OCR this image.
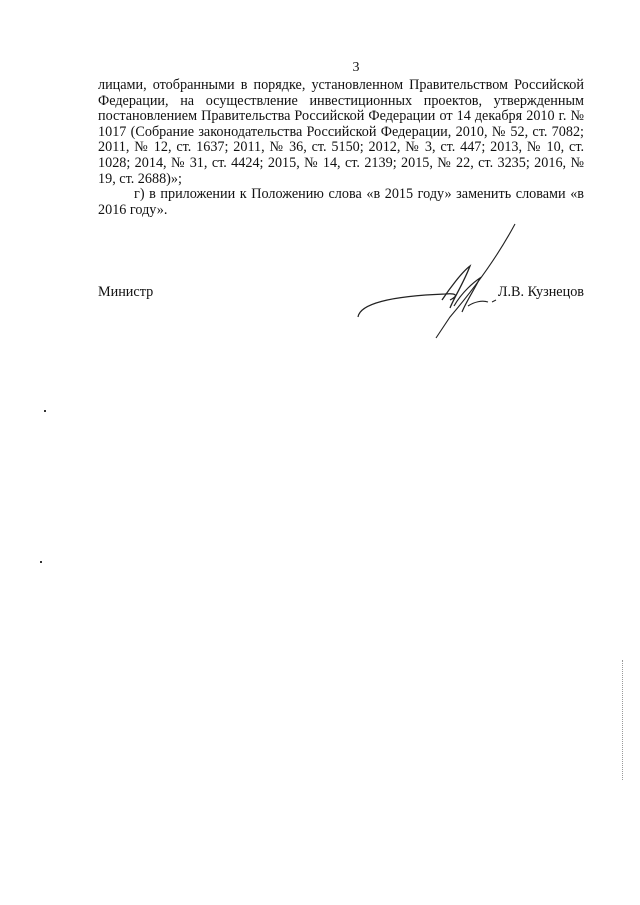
3

лицами, отобранными в порядке, установленном Правительством Российской Федерации, на осуществление инвестиционных проектов, утвержденным постановлением Правительства Российской Федерации от 14 декабря 2010 г. № 1017 (Собрание законодательства Российской Федерации, 2010, № 52, ст. 7082; 2011, № 12, ст. 1637; 2011, № 36, ст. 5150; 2012, № 3, ст. 447; 2013, № 10, ст. 1028; 2014, № 31, ст. 4424; 2015, № 14, ст. 2139; 2015, № 22, ст. 3235; 2016, № 19, ст. 2688)»;

г) в приложении к Положению слова «в 2015 году» заменить словами «в 2016 году».

Министр	Л.В. Кузнецов
